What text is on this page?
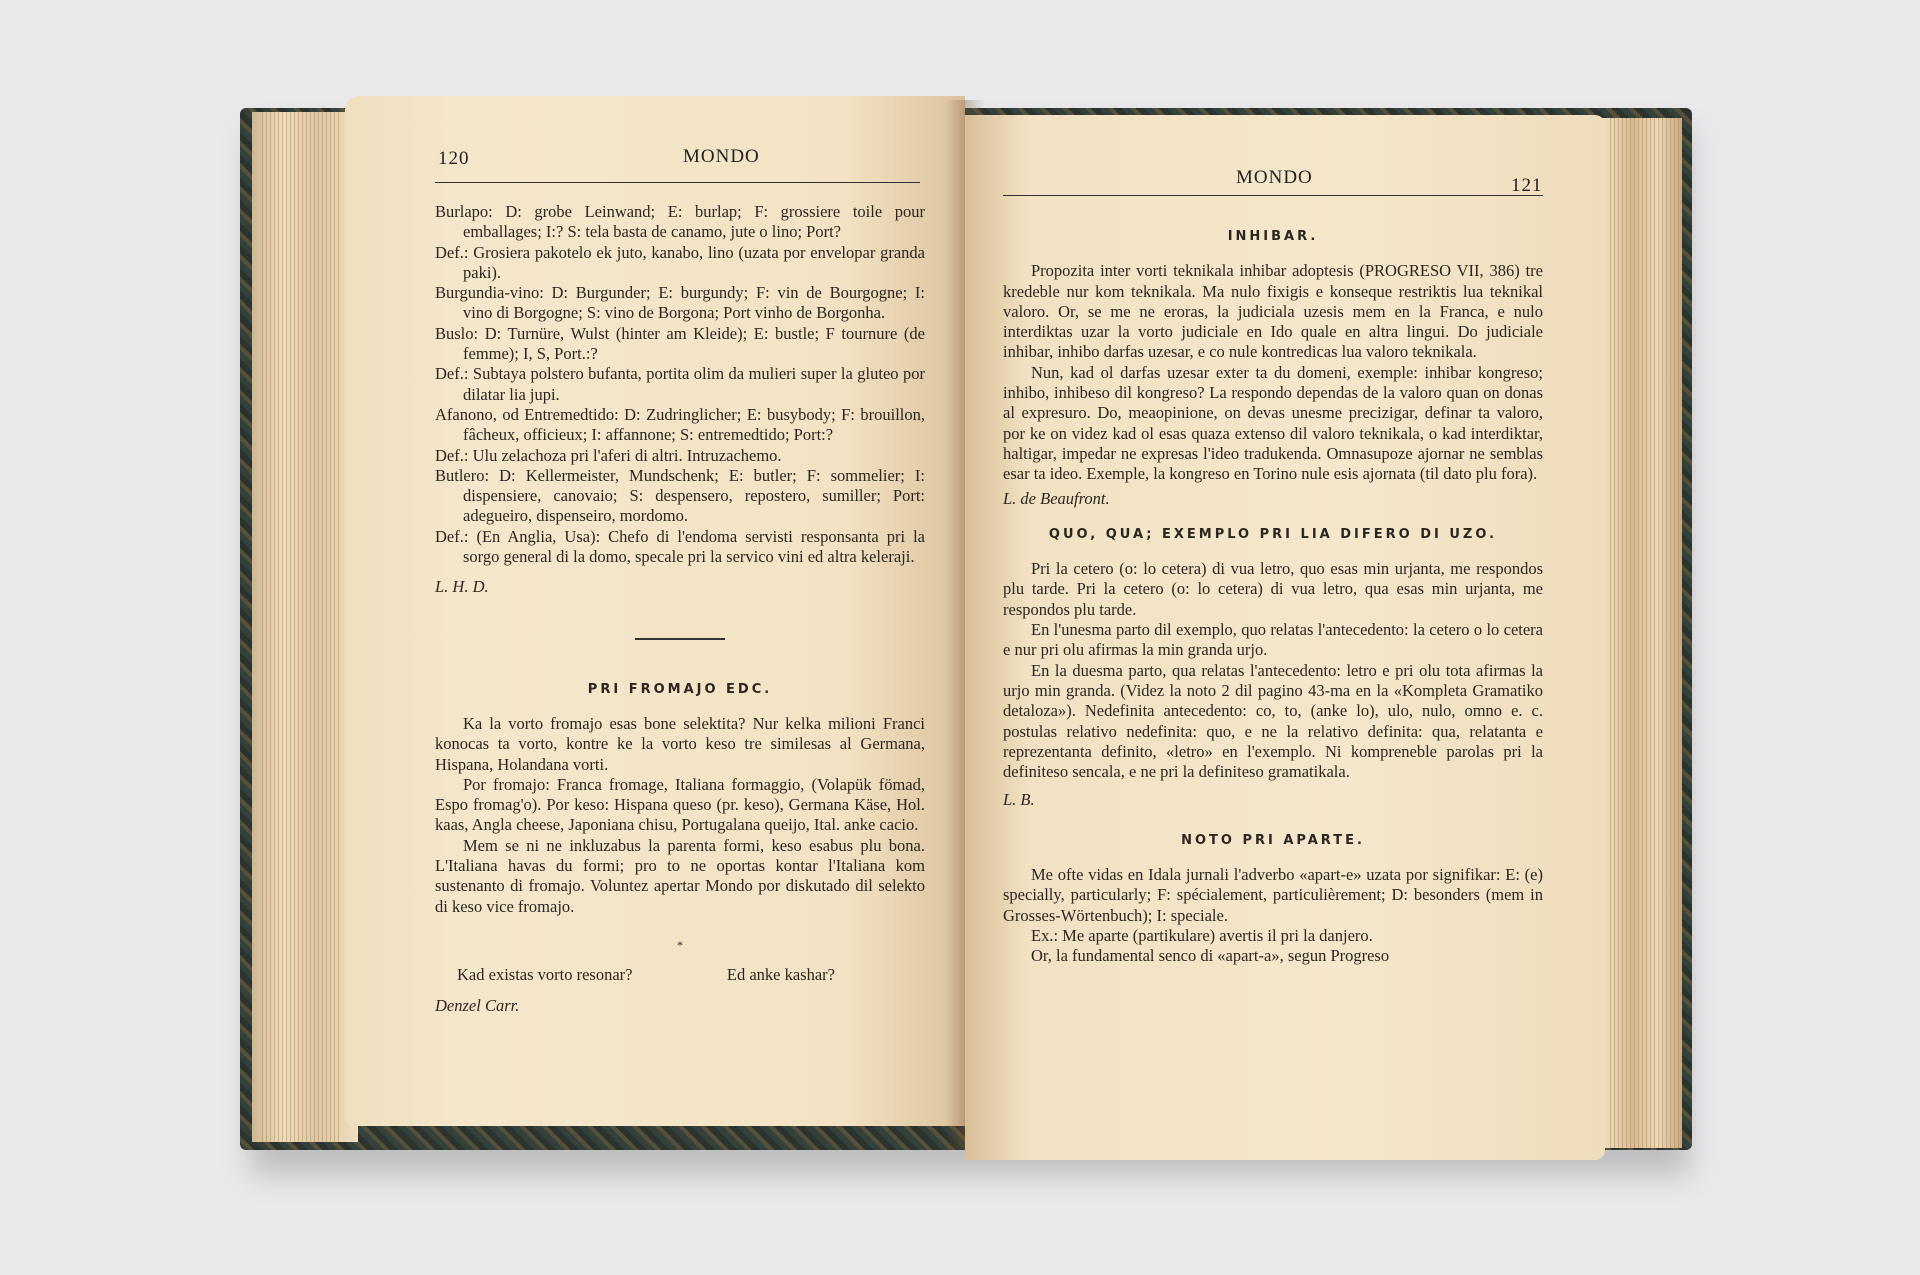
120	MONDO

Burlapo: D: grobe Leinwand; E: burlap; F: grossiere toile pour emballages; I:? S: tela basta de canamo, jute o lino; Port?

Def.: Grosiera pakotelo ek juto, kanabo, lino (uzata por envelopar granda paki).

Burgundia-vino: D: Burgunder; E: burgundy; F: vin de Bourgogne; I: vino di Borgogne; S: vino de Borgona; Port vinho de Borgonha.

Buslo: D: Turnüre, Wulst (hinter am Kleide); E: bustle; F tournure (de femme); I, S, Port.:?

Def.: Subtaya polstero bufanta, portita olim da mulieri super la gluteo por dilatar lia jupi.

Afanono, od Entremedtido: D: Zudringlicher; E: busybody; F: brouillon, fâcheux, officieux; I: affannone; S: entremedtido; Port:?

Def.: Ulu zelachoza pri l'aferi di altri. Intruzachemo.

Butlero: D: Kellermeister, Mundschenk; E: butler; F: sommelier; I: dispensiere, canovaio; S: despensero, repostero, sumiller; Port: adegueiro, dispenseiro, mordomo.

Def.: (En Anglia, Usa): Chefo di l'endoma servisti responsanta pri la sorgo general di la domo, specale pri la servico vini ed altra keleraji.

L. H. D.

PRI FROMAJO EDC.

Ka la vorto fromajo esas bone selektita? Nur kelka milioni Franci konocas ta vorto, kontre ke la vorto keso tre similesas al Germana, Hispana, Holandana vorti.

Por fromajo: Franca fromage, Italiana formaggio, (Volapük fömad, Espo fromag'o). Por keso: Hispana queso (pr. keso), Germana Käse, Hol. kaas, Angla cheese, Japoniana chisu, Portugalana queijo, Ital. anke cacio.

Mem se ni ne inkluzabus la parenta formi, keso esabus plu bona. L'Italiana havas du formi; pro to ne oportas kontar l'Italiana kom sustenanto di fromajo. Voluntez apertar Mondo por diskutado dil selekto di keso vice fromajo.

*
Kad existas vorto resonar?	Ed anke kashar?

Denzel Carr.

MONDO	121
INHIBAR.

Propozita inter vorti teknikala inhibar adoptesis (PROGRESO VII, 386) tre kredeble nur kom teknikala. Ma nulo fixigis e konseque restriktis lua teknikal valoro. Or, se me ne eroras, la judiciala uzesis mem en la Franca, e nulo interdiktas uzar la vorto judiciale en Ido quale en altra lingui. Do judiciale inhibar, inhibo darfas uzesar, e co nule kontredicas lua valoro teknikala.

Nun, kad ol darfas uzesar exter ta du domeni, exemple: inhibar kongreso; inhibo, inhibeso dil kongreso? La respondo dependas de la valoro quan on donas al expresuro. Do, meaopinione, on devas unesme precizigar, definar ta valoro, por ke on videz kad ol esas quaza extenso dil valoro teknikala, o kad interdiktar, haltigar, impedar ne expresas l'ideo tradukenda. Omnasupoze ajornar ne semblas esar ta ideo. Exemple, la kongreso en Torino nule esis ajornata (til dato plu fora).

L. de Beaufront.

QUO, QUA; EXEMPLO PRI LIA DIFERO DI UZO.

Pri la cetero (o: lo cetera) di vua letro, quo esas min urjanta, me respondos plu tarde. Pri la cetero (o: lo cetera) di vua letro, qua esas min urjanta, me respondos plu tarde.

En l'unesma parto dil exemplo, quo relatas l'antecedento: la cetero o lo cetera e nur pri olu afirmas la min granda urjo.

En la duesma parto, qua relatas l'antecedento: letro e pri olu tota afirmas la urjo min granda. (Videz la noto 2 dil pagino 43-ma en la «Kompleta Gramatiko detaloza»). Nedefinita antecedento: co, to, (anke lo), ulo, nulo, omno e. c. postulas relativo nedefinita: quo, e ne la relativo definita: qua, relatanta e reprezentanta definito, «letro» en l'exemplo. Ni kompreneble parolas pri la definiteso sencala, e ne pri la definiteso gramatikala.

L. B.

NOTO PRI APARTE.

Me ofte vidas en Idala jurnali l'adverbo «apart-e» uzata por signifikar: E: (e) specially, particularly; F: spécialement, particulièrement; D: besonders (mem in Grosses-Wörtenbuch); I: speciale.

Ex.: Me aparte (partikulare) avertis il pri la danjero.

Or, la fundamental senco di «apart-a», segun Progreso
